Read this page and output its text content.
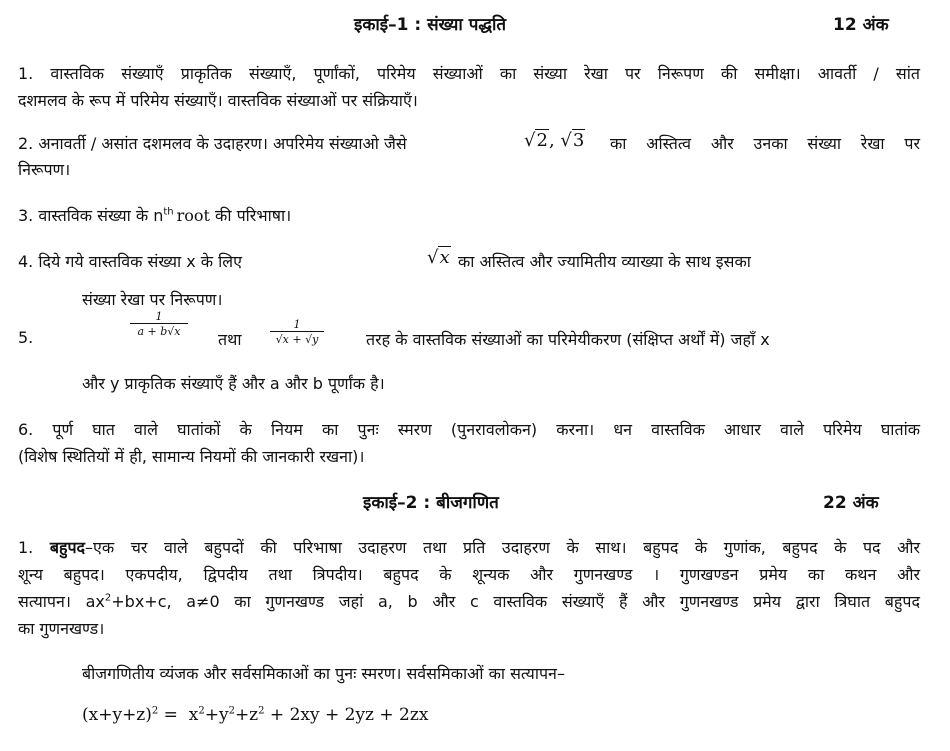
इकाई–1 : संख्या पद्धति	12 अंक
1. वास्तविक संख्याएँ प्राकृतिक संख्याएँ, पूर्णांकों, परिमेय संख्याओं का संख्या रेखा पर निरूपण की समीक्षा। आवर्ती / सांत
दशमलव के रूप में परिमेय संख्याएँ। वास्तविक संख्याओं पर संक्रियाएँ।
2. अनावर्ती / असांत दशमलव के उदाहरण। अपरिमेय संख्याओ जैसे	√2, √3 का अस्तित्व और उनका संख्या रेखा पर
निरूपण।
3. वास्तविक संख्या के $n^{th}$ root की परिभाषा।
4. दिये गये वास्तविक संख्या x के लिए	√x का अस्तित्व और ज्यामितीय व्याख्या के साथ इसका
संख्या रेखा पर निरूपण।
5.
1
a + b√x	तथा
1
√x + √y	तरह के वास्तविक संख्याओं का परिमेयीकरण (संक्षिप्त अर्थों में) जहाँ x
और y प्राकृतिक संख्याएँ हैं और a और b पूर्णांक है।
6. पूर्ण घात वाले घातांकों के नियम का पुनः स्मरण (पुनरावलोकन) करना। धन वास्तविक आधार वाले परिमेय घातांक
(विशेष स्थितियों में ही, सामान्य नियमों की जानकारी रखना)।
इकाई–2 : बीजगणित	22 अंक
1. बहुपद–एक चर वाले बहुपदों की परिभाषा उदाहरण तथा प्रति उदाहरण के साथ। बहुपद के गुणांक, बहुपद के पद और
शून्य बहुपद। एकपदीय, द्विपदीय तथा त्रिपदीय। बहुपद के शून्यक और गुणनखण्ड । गुणखण्डन प्रमेय का कथन और
सत्यापन। $ax^2+bx+c$, a≠0 का गुणनखण्ड जहां a, b और c वास्तविक संख्याएँ हैं और गुणनखण्ड प्रमेय द्वारा त्रिघात बहुपद
का गुणनखण्ड।
बीजगणितीय व्यंजक और सर्वसमिकाओं का पुनः स्मरण। सर्वसमिकाओं का सत्यापन–
$(x+y+z)^2 = x^2+y^2+z^2 + 2xy + 2yz + 2zx$
